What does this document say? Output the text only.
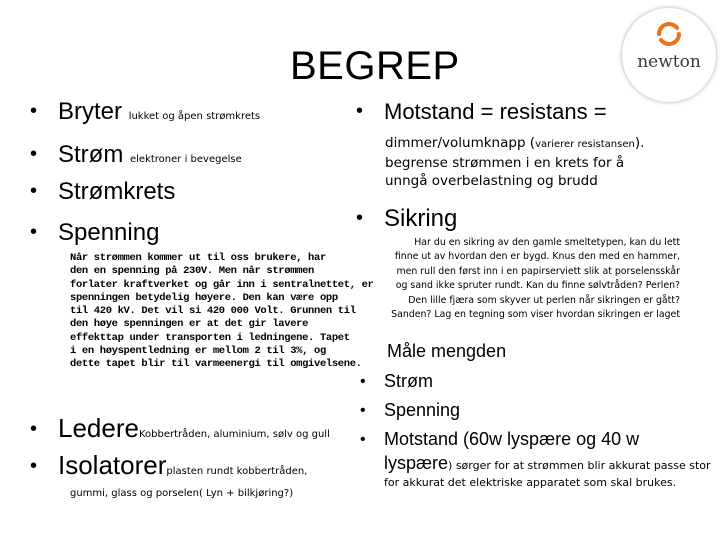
newton
BEGREP
• Bryter lukket og åpen strømkrets
• Strøm elektroner i bevegelse
• Strømkrets
• Spenning
Når strømmen kommer ut til oss brukere, har
den en spenning på 230V. Men når strømmen
forlater kraftverket og går inn i sentralnettet, er
spenningen betydelig høyere. Den kan være opp
til 420 kV. Det vil si 420 000 Volt. Grunnen til
den høye spenningen er at det gir lavere
effekttap under transporten i ledningene. Tapet
i en høyspentledning er mellom 2 til 3%, og
dette tapet blir til varmeenergi til omgivelsene.
• LedereKobbertråden, aluminium, sølv og gull
• Isolatorerplasten rundt kobbertråden,
gummi, glass og porselen( Lyn + bilkjøring?)
• Motstand = resistans =
dimmer/volumknapp (varierer resistansen).
begrense strømmen i en krets for å
unngå overbelastning og brudd
• Sikring
Har du en sikring av den gamle smeltetypen, kan du lett
finne ut av hvordan den er bygd. Knus den med en hammer,
men rull den først inn i en papirserviett slik at porselensskår
og sand ikke spruter rundt. Kan du finne sølvtråden? Perlen?
Den lille fjæra som skyver ut perlen når sikringen er gått?
Sanden? Lag en tegning som viser hvordan sikringen er laget
Måle mengden
• Strøm
• Spenning
• Motstand (60w lyspære og 40 w
lyspære) sørger for at strømmen blir akkurat passe stor
for akkurat det elektriske apparatet som skal brukes.
